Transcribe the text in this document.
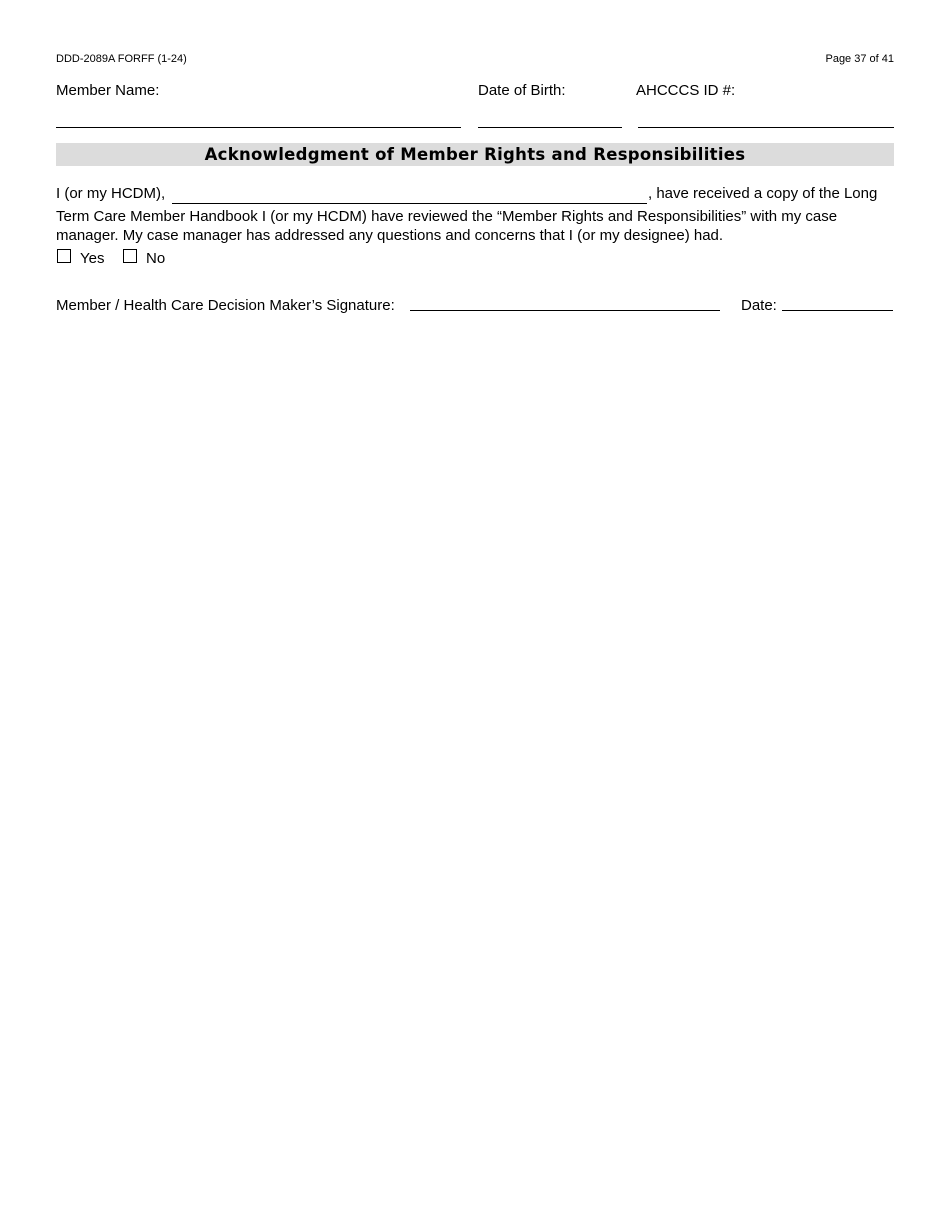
DDD-2089A FORFF (1-24)	Page 37 of 41
Member Name:	Date of Birth:	AHCCCS ID #:
Acknowledgment of Member Rights and Responsibilities
I (or my HCDM),	, have received a copy of the Long
Term Care Member Handbook I (or my HCDM) have reviewed the “Member Rights and Responsibilities” with my case
manager. My case manager has addressed any questions and concerns that I (or my designee) had.
Yes	No
Member / Health Care Decision Maker’s Signature:	Date:
